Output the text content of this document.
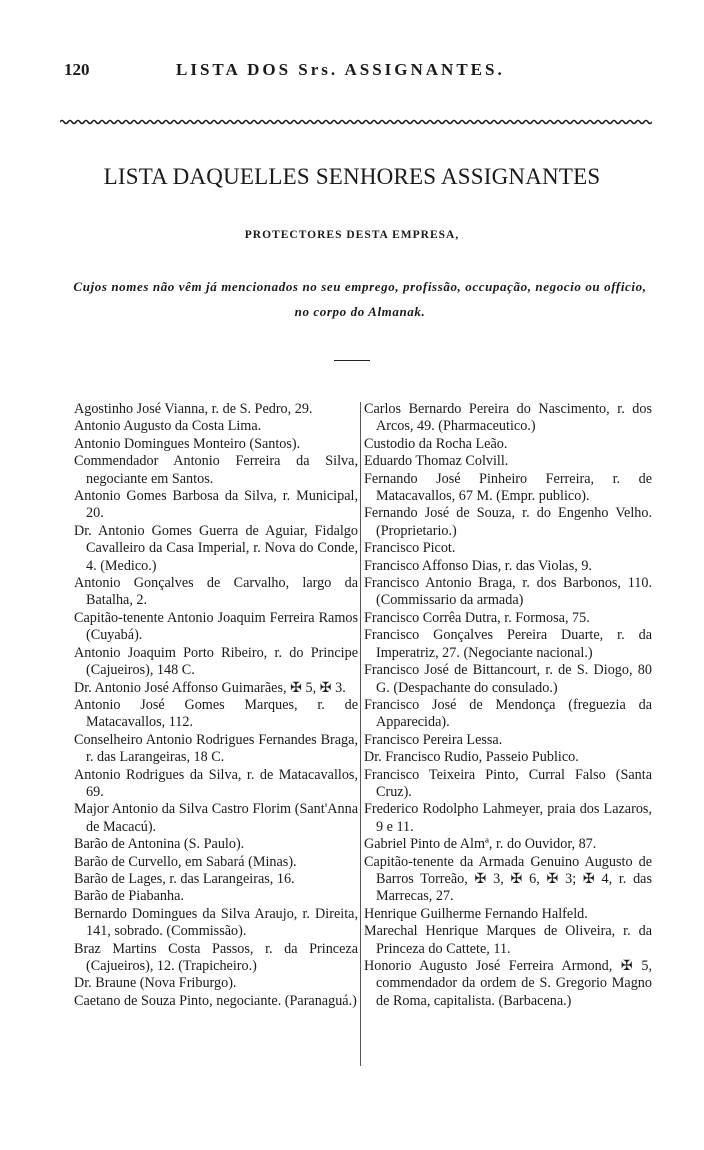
120	LISTA DOS Srs. ASSIGNANTES.
LISTA DAQUELLES SENHORES ASSIGNANTES
PROTECTORES DESTA EMPRESA,
Cujos nomes não vêm já mencionados no seu emprego, profissão, occupação, negocio ou officio, no corpo do Almanak.

Agostinho José Vianna, r. de S. Pedro, 29.

Antonio Augusto da Costa Lima.

Antonio Domingues Monteiro (Santos).

Commendador Antonio Ferreira da Silva, negociante em Santos.

Antonio Gomes Barbosa da Silva, r. Municipal, 20.

Dr. Antonio Gomes Guerra de Aguiar, Fidalgo Cavalleiro da Casa Imperial, r. Nova do Conde, 4. (Medico.)

Antonio Gonçalves de Carvalho, largo da Batalha, 2.

Capitão-tenente Antonio Joaquim Ferreira Ramos (Cuyabá).

Antonio Joaquim Porto Ribeiro, r. do Principe (Cajueiros), 148 C.

Dr. Antonio José Affonso Guimarães, ✠ 5, ✠ 3.

Antonio José Gomes Marques, r. de Matacavallos, 112.

Conselheiro Antonio Rodrigues Fernandes Braga, r. das Larangeiras, 18 C.

Antonio Rodrigues da Silva, r. de Matacavallos, 69.

Major Antonio da Silva Castro Florim (Sant'Anna de Macacú).

Barão de Antonina (S. Paulo).

Barão de Curvello, em Sabará (Minas).

Barão de Lages, r. das Larangeiras, 16.

Barão de Piabanha.

Bernardo Domingues da Silva Araujo, r. Direita, 141, sobrado. (Commissão).

Braz Martins Costa Passos, r. da Princeza (Cajueiros), 12. (Trapicheiro.)

Dr. Braune (Nova Friburgo).

Caetano de Souza Pinto, negociante. (Paranaguá.)

Carlos Bernardo Pereira do Nascimento, r. dos Arcos, 49. (Pharmaceutico.)

Custodio da Rocha Leão.

Eduardo Thomaz Colvill.

Fernando José Pinheiro Ferreira, r. de Matacavallos, 67 M. (Empr. publico).

Fernando José de Souza, r. do Engenho Velho. (Proprietario.)

Francisco Picot.

Francisco Affonso Dias, r. das Violas, 9.

Francisco Antonio Braga, r. dos Barbonos, 110. (Commissario da armada)

Francisco Corrêa Dutra, r. Formosa, 75.

Francisco Gonçalves Pereira Duarte, r. da Imperatriz, 27. (Negociante nacional.)

Francisco José de Bittancourt, r. de S. Diogo, 80 G. (Despachante do consulado.)

Francisco José de Mendonça (freguezia da Apparecida).

Francisco Pereira Lessa.

Dr. Francisco Rudio, Passeio Publico.

Francisco Teixeira Pinto, Curral Falso (Santa Cruz).

Frederico Rodolpho Lahmeyer, praia dos Lazaros, 9 e 11.

Gabriel Pinto de Almª, r. do Ouvidor, 87.

Capitão-tenente da Armada Genuino Augusto de Barros Torreão, ✠ 3, ✠ 6, ✠ 3; ✠ 4, r. das Marrecas, 27.

Henrique Guilherme Fernando Halfeld.

Marechal Henrique Marques de Oliveira, r. da Princeza do Cattete, 11.

Honorio Augusto José Ferreira Armond, ✠ 5, commendador da ordem de S. Gregorio Magno de Roma, capitalista. (Barbacena.)
